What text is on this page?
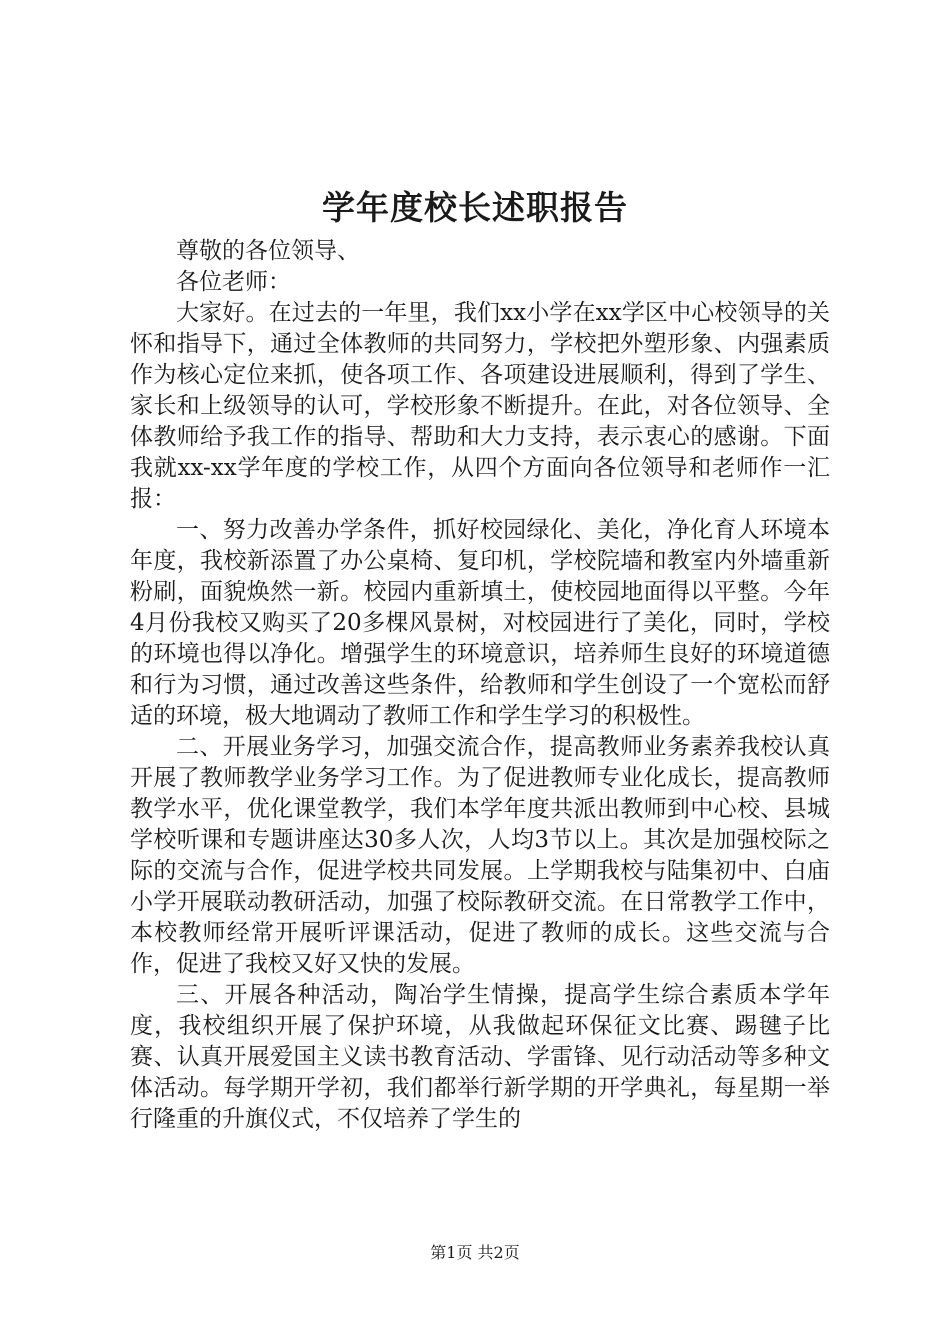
学年度校长述职报告

尊敬的各位领导、

各位老师：

大家好。在过去的一年里，我们xx小学在xx学区中心校领导的关怀和指导下，通过全体教师的共同努力，学校把外塑形象、内强素质作为核心定位来抓，使各项工作、各项建设进展顺利，得到了学生、家长和上级领导的认可，学校形象不断提升。在此，对各位领导、全体教师给予我工作的指导、帮助和大力支持，表示衷心的感谢。下面我就xx-xx学年度的学校工作，从四个方面向各位领导和老师作一汇报：

一、努力改善办学条件，抓好校园绿化、美化，净化育人环境本年度，我校新添置了办公桌椅、复印机，学校院墙和教室内外墙重新粉刷，面貌焕然一新。校园内重新填土，使校园地面得以平整。今年4月份我校又购买了20多棵风景树，对校园进行了美化，同时，学校的环境也得以净化。增强学生的环境意识，培养师生良好的环境道德和行为习惯，通过改善这些条件，给教师和学生创设了一个宽松而舒适的环境，极大地调动了教师工作和学生学习的积极性。

二、开展业务学习，加强交流合作，提高教师业务素养我校认真开展了教师教学业务学习工作。为了促进教师专业化成长，提高教师教学水平，优化课堂教学，我们本学年度共派出教师到中心校、县城学校听课和专题讲座达30多人次，人均3节以上。其次是加强校际之际的交流与合作，促进学校共同发展。上学期我校与陆集初中、白庙小学开展联动教研活动，加强了校际教研交流。在日常教学工作中，本校教师经常开展听评课活动，促进了教师的成长。这些交流与合作，促进了我校又好又快的发展。

三、开展各种活动，陶冶学生情操，提高学生综合素质本学年度，我校组织开展了保护环境，从我做起环保征文比赛、踢毽子比赛、认真开展爱国主义读书教育活动、学雷锋、见行动活动等多种文体活动。每学期开学初，我们都举行新学期的开学典礼，每星期一举行隆重的升旗仪式，不仅培养了学生的

第1页 共2页
